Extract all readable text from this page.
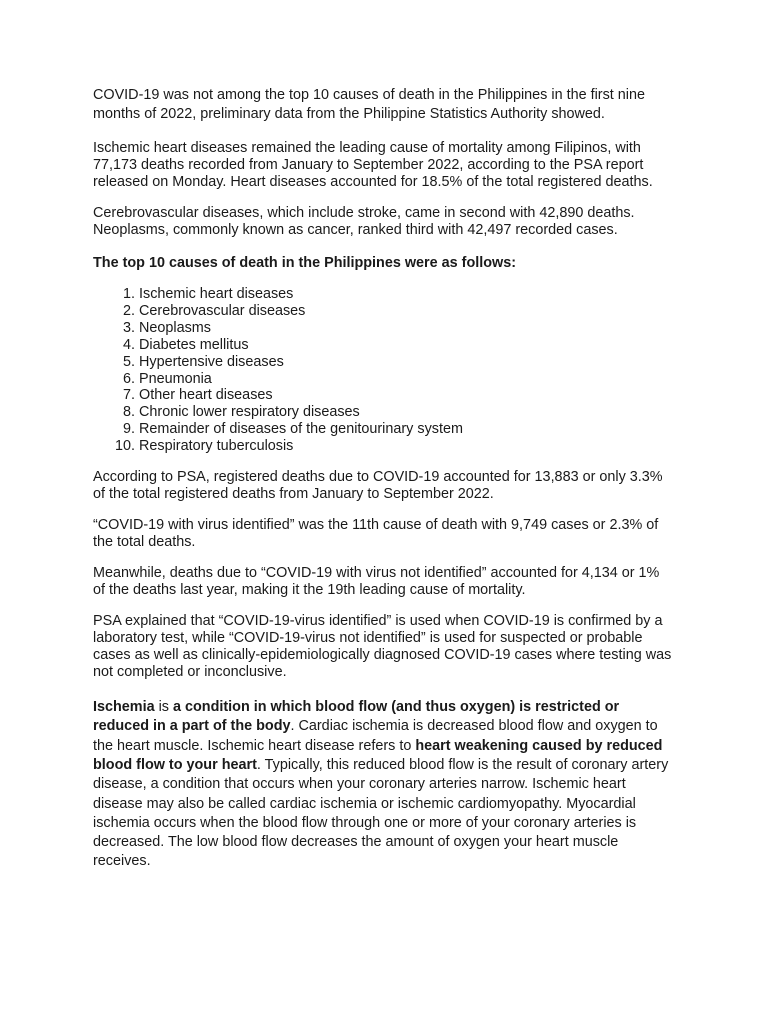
COVID-19 was not among the top 10 causes of death in the Philippines in the first nine months of 2022, preliminary data from the Philippine Statistics Authority showed.

Ischemic heart diseases remained the leading cause of mortality among Filipinos, with 77,173 deaths recorded from January to September 2022, according to the PSA report released on Monday. Heart diseases accounted for 18.5% of the total registered deaths.

Cerebrovascular diseases, which include stroke, came in second with 42,890 deaths. Neoplasms, commonly known as cancer, ranked third with 42,497 recorded cases.

The top 10 causes of death in the Philippines were as follows:

1. Ischemic heart diseases
2. Cerebrovascular diseases
3. Neoplasms
4. Diabetes mellitus
5. Hypertensive diseases
6. Pneumonia
7. Other heart diseases
8. Chronic lower respiratory diseases
9. Remainder of diseases of the genitourinary system
10. Respiratory tuberculosis

According to PSA, registered deaths due to COVID-19 accounted for 13,883 or only 3.3% of the total registered deaths from January to September 2022.

“COVID-19 with virus identified” was the 11th cause of death with 9,749 cases or 2.3% of the total deaths.

Meanwhile, deaths due to “COVID-19 with virus not identified” accounted for 4,134 or 1% of the deaths last year, making it the 19th leading cause of mortality.

PSA explained that “COVID-19-virus identified” is used when COVID-19 is confirmed by a laboratory test, while “COVID-19-virus not identified” is used for suspected or probable cases as well as clinically-epidemiologically diagnosed COVID-19 cases where testing was not completed or inconclusive.

Ischemia is a condition in which blood flow (and thus oxygen) is restricted or reduced in a part of the body. Cardiac ischemia is decreased blood flow and oxygen to the heart muscle. Ischemic heart disease refers to heart weakening caused by reduced blood flow to your heart. Typically, this reduced blood flow is the result of coronary artery disease, a condition that occurs when your coronary arteries narrow. Ischemic heart disease may also be called cardiac ischemia or ischemic cardiomyopathy. Myocardial ischemia occurs when the blood flow through one or more of your coronary arteries is decreased. The low blood flow decreases the amount of oxygen your heart muscle receives.
